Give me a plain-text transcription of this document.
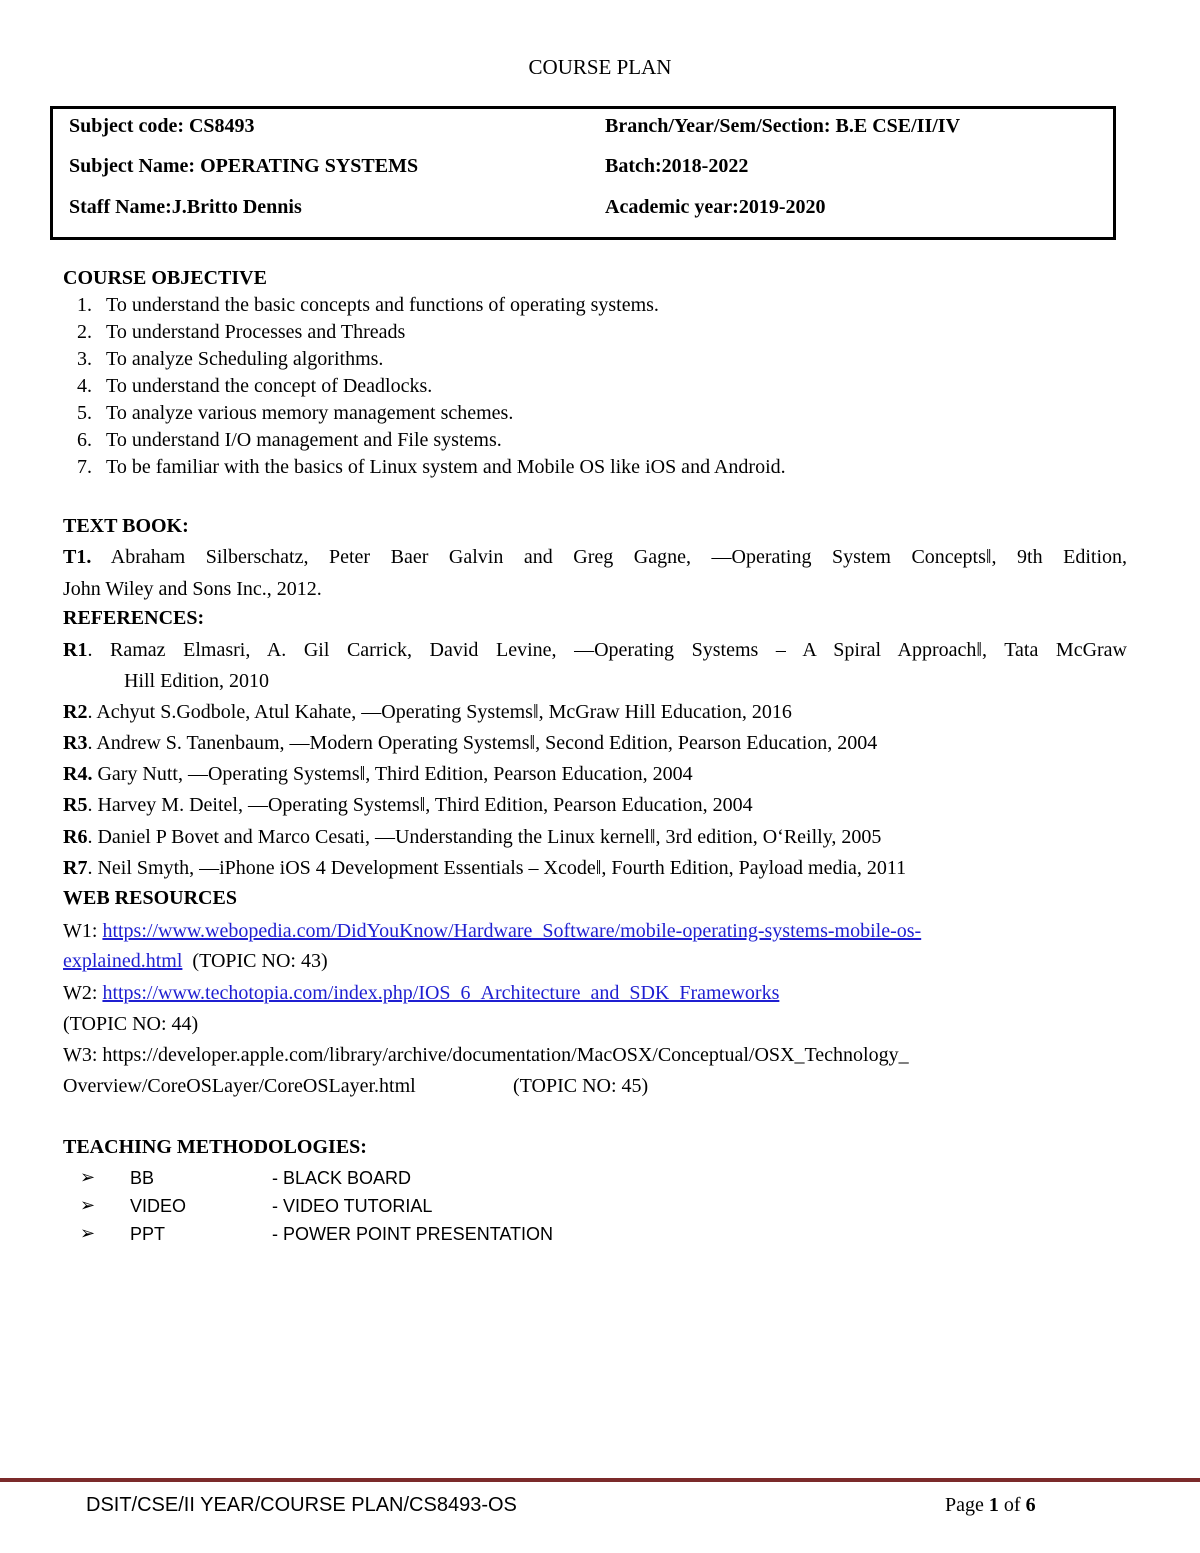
COURSE PLAN
Subject code: CS8493	Branch/Year/Sem/Section: B.E CSE/II/IV
Subject Name: OPERATING SYSTEMS	Batch:2018-2022
Staff Name:J.Britto Dennis	Academic year:2019-2020
COURSE OBJECTIVE
1. To understand the basic concepts and functions of operating systems.
2. To understand Processes and Threads
3. To analyze Scheduling algorithms.
4. To understand the concept of Deadlocks.
5. To analyze various memory management schemes.
6. To understand I/O management and File systems.
7. To be familiar with the basics of Linux system and Mobile OS like iOS and Android.
TEXT BOOK:
T1. Abraham Silberschatz, Peter Baer Galvin and Greg Gagne, ―Operating System Concepts‖, 9th Edition,
John Wiley and Sons Inc., 2012.
REFERENCES:
R1. Ramaz Elmasri, A. Gil Carrick, David Levine, ―Operating Systems – A Spiral Approach‖, Tata McGraw
Hill Edition, 2010
R2. Achyut S.Godbole, Atul Kahate, ―Operating Systems‖, McGraw Hill Education, 2016
R3. Andrew S. Tanenbaum, ―Modern Operating Systems‖, Second Edition, Pearson Education, 2004
R4. Gary Nutt, ―Operating Systems‖, Third Edition, Pearson Education, 2004
R5. Harvey M. Deitel, ―Operating Systems‖, Third Edition, Pearson Education, 2004
R6. Daniel P Bovet and Marco Cesati, ―Understanding the Linux kernel‖, 3rd edition, O‘Reilly, 2005
R7. Neil Smyth, ―iPhone iOS 4 Development Essentials – Xcode‖, Fourth Edition, Payload media, 2011
WEB RESOURCES
W1: https://www.webopedia.com/DidYouKnow/Hardware_Software/mobile-operating-systems-mobile-os-
explained.html  (TOPIC NO: 43)
W2: https://www.techotopia.com/index.php/IOS_6_Architecture_and_SDK_Frameworks
(TOPIC NO: 44)
W3: https://developer.apple.com/library/archive/documentation/MacOSX/Conceptual/OSX_Technology_
Overview/CoreOSLayer/CoreOSLayer.html	(TOPIC NO: 45)
TEACHING METHODOLOGIES:
➢ BB	- BLACK BOARD
➢ VIDEO	- VIDEO TUTORIAL
➢ PPT	- POWER POINT PRESENTATION
DSIT/CSE/II YEAR/COURSE PLAN/CS8493-OS	Page 1 of 6
